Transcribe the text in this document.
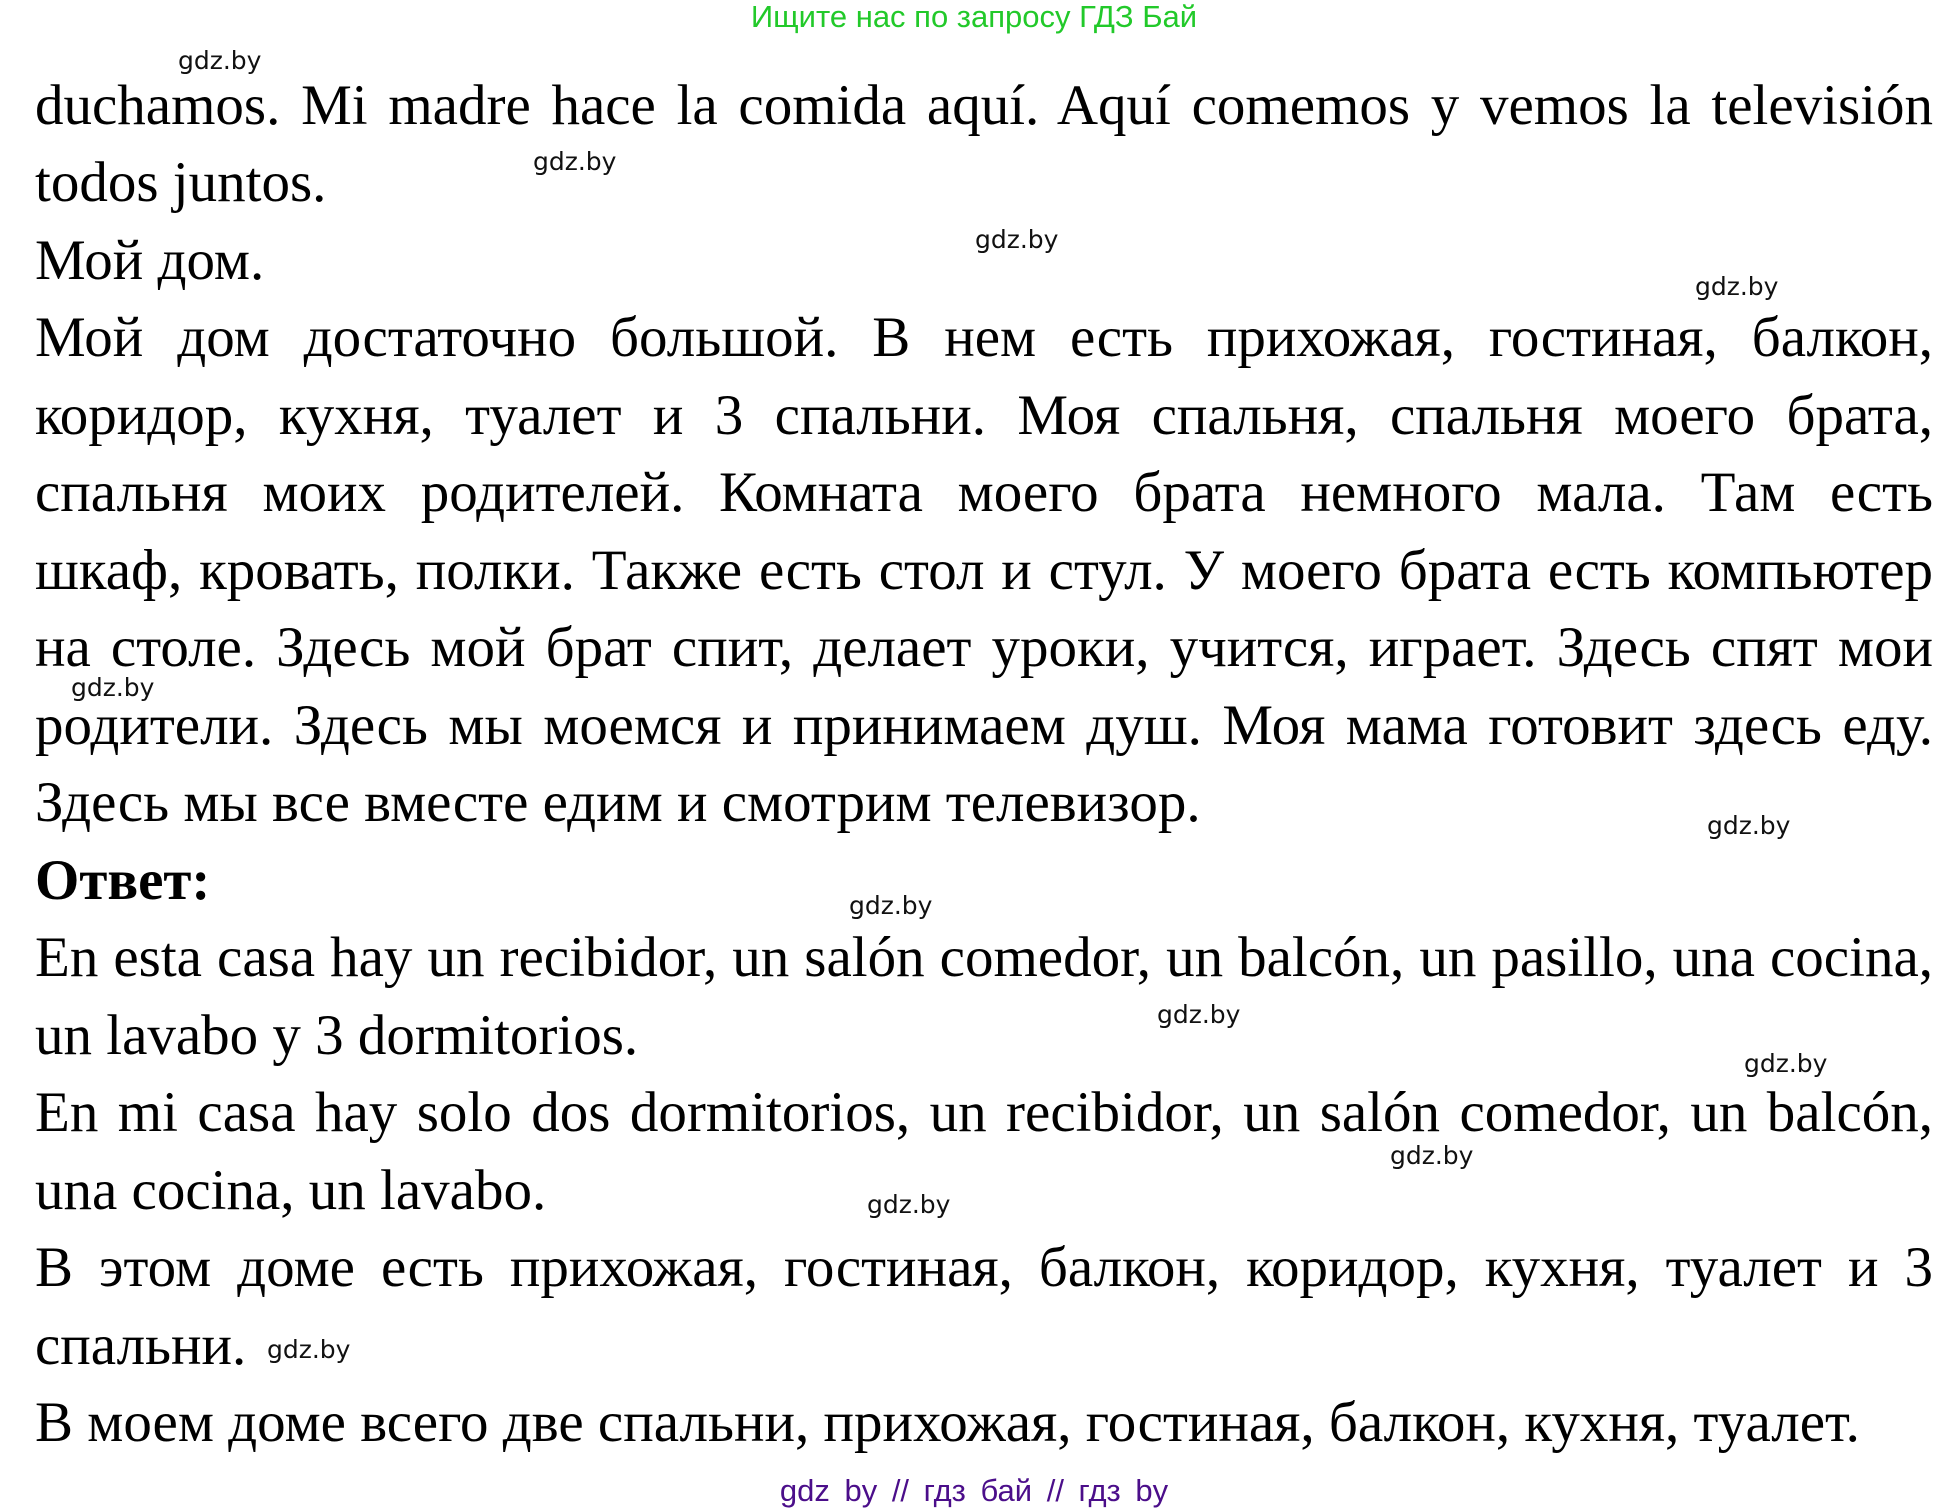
Ищите нас по запросу ГДЗ Бай
duchamos. Mi madre hace la comida aquí. Aquí comemos y vemos la televisión
todos juntos.
Мой дом.
Мой дом достаточно большой. В нем есть прихожая, гостиная, балкон,
коридор, кухня, туалет и 3 спальни. Моя спальня, спальня моего брата,
спальня моих родителей. Комната моего брата немного мала. Там есть
шкаф, кровать, полки. Также есть стол и стул. У моего брата есть компьютер
на столе. Здесь мой брат спит, делает уроки, учится, играет. Здесь спят мои
родители. Здесь мы моемся и принимаем душ. Моя мама готовит здесь еду.
Здесь мы все вместе едим и смотрим телевизор.
Ответ:
En esta casa hay un recibidor, un salón comedor, un balcón, un pasillo, una cocina,
un lavabo y 3 dormitorios.
En mi casa hay solo dos dormitorios, un recibidor, un salón comedor, un balcón,
una cocina, un lavabo.
В этом доме есть прихожая, гостиная, балкон, коридор, кухня, туалет и 3
спальни.
В моем доме всего две спальни, прихожая, гостиная, балкон, кухня, туалет.
gdz.by
gdz.by
gdz.by
gdz.by
gdz.by
gdz.by
gdz.by
gdz.by
gdz.by
gdz.by
gdz.by
gdz.by
gdz by // гдз бай // гдз by
